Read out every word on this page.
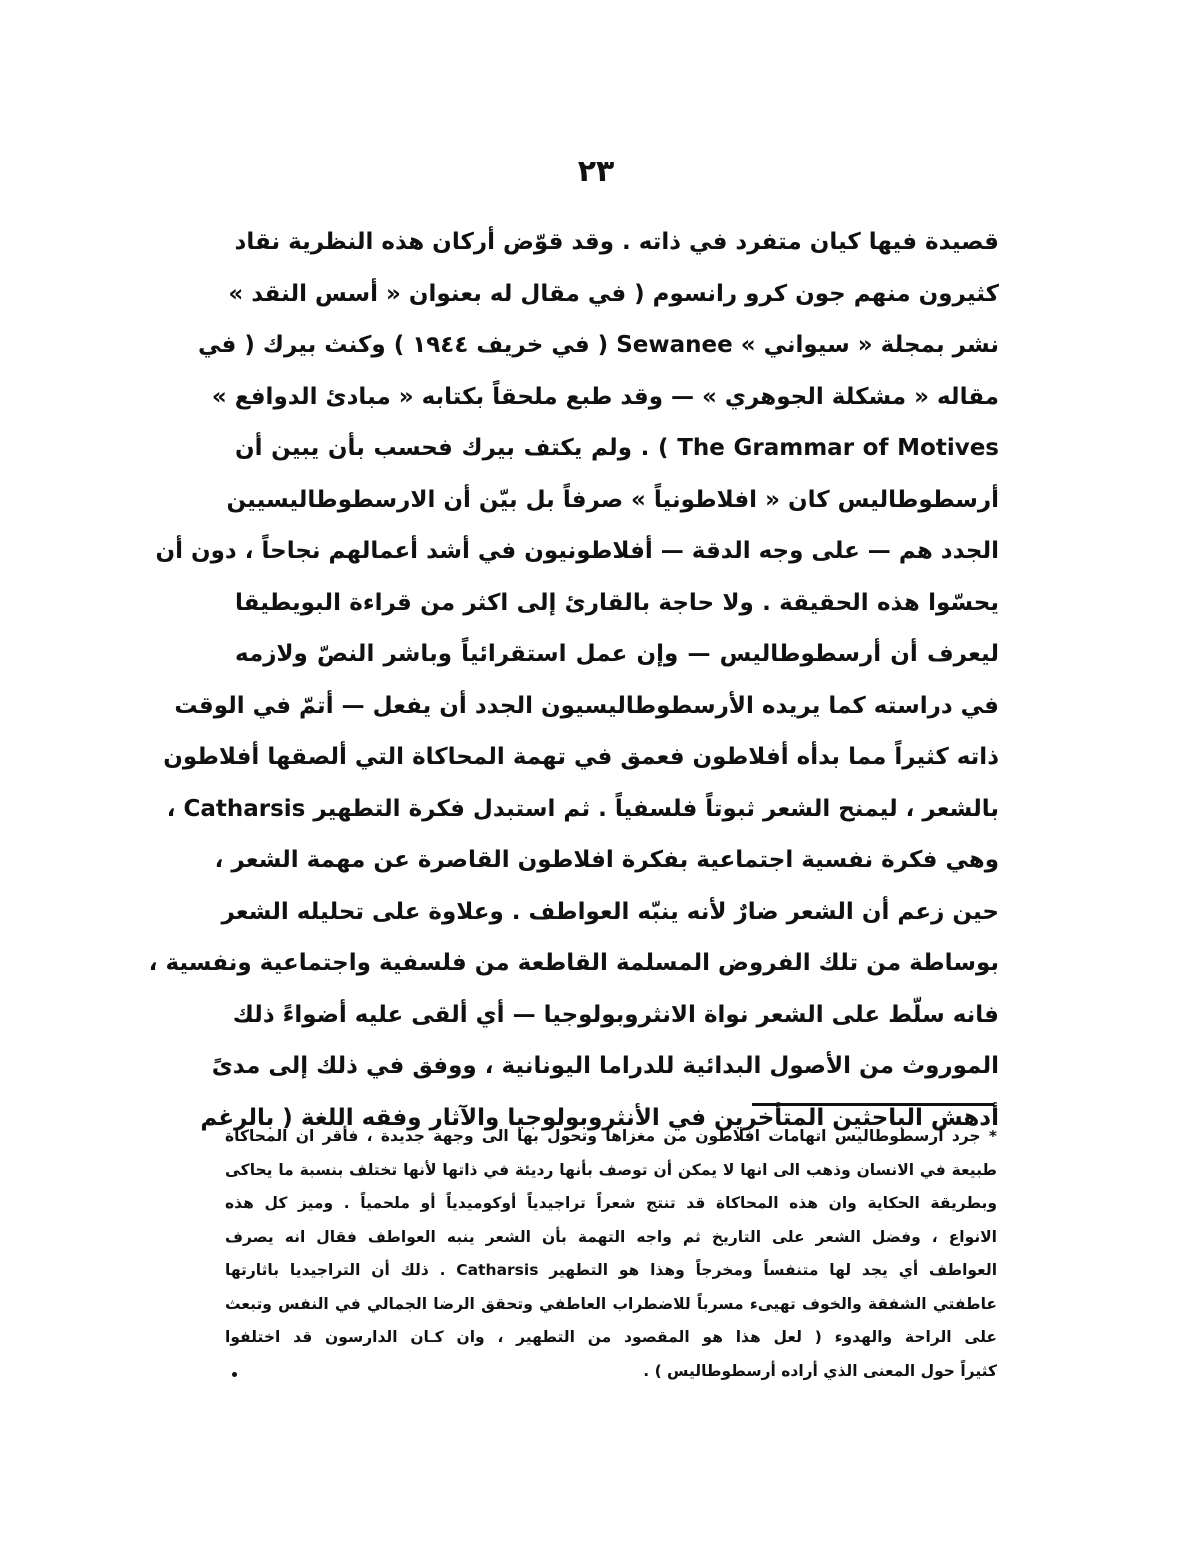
٢٣
قصيدة فيها كيان متفرد في ذاته . وقد قوّض أركان هذه النظرية نقاد
كثيرون منهم جون كرو رانسوم ( في مقال له بعنوان « أسس النقد »
نشر بمجلة « سيواني » Sewanee ( في خريف ١٩٤٤ ) وكنث بيرك ( في
مقاله « مشكلة الجوهري » — وقد طبع ملحقاً بكتابه « مبادئ الدوافع »
The Grammar of Motives ) . ولم يكتف بيرك فحسب بأن يبين أن
أرسطوطاليس كان « افلاطونياً » صرفاً بل بيّن أن الارسطوطاليسيين
الجدد هم — على وجه الدقة — أفلاطونيون في أشد أعمالهم نجاحاً ، دون أن
يحسّوا هذه الحقيقة . ولا حاجة بالقارئ إلى اكثر من قراءة البويطيقا
ليعرف أن أرسطوطاليس — وإن عمل استقرائياً وباشر النصّ ولازمه
في دراسته كما يريده الأرسطوطاليسيون الجدد أن يفعل — أتمّ في الوقت
ذاته كثيراً مما بدأه أفلاطون فعمق في تهمة المحاكاة التي ألصقها أفلاطون
بالشعر ، ليمنح الشعر ثبوتاً فلسفياً . ثم استبدل فكرة التطهير Catharsis ،
وهي فكرة نفسية اجتماعية بفكرة افلاطون القاصرة عن مهمة الشعر ،
حين زعم أن الشعر ضارٌ لأنه ينبّه العواطف . وعلاوة على تحليله الشعر
بوساطة من تلك الفروض المسلمة القاطعة من فلسفية واجتماعية ونفسية ،
فانه سلّط على الشعر نواة الانثروبولوجيا — أي ألقى عليه أضواءً ذلك
الموروث من الأصول البدائية للدراما اليونانية ، ووفق في ذلك إلى مدىً
أدهش الباحثين المتأخرين في الأنثروبولوجيا والآثار وفقه اللغة ( بالرغم
* جرد أرسطوطاليس اتهامات افلاطون من مغزاها وتحول بها الى وجهة جديدة ، فأقر ان المحاكاة
طبيعة في الانسان وذهب الى انها لا يمكن أن توصف بأنها رديئة في ذاتها لأنها تختلف بنسبة ما يحاكى
وبطريقة الحكاية وان هذه المحاكاة قد تنتج شعراً تراجيدياً أوكوميدياً أو ملحمياً . وميز كل هذه
الانواع ، وفضل الشعر على التاريخ ثم واجه التهمة بأن الشعر ينبه العواطف فقال انه يصرف
العواطف أي يجد لها متنفساً ومخرجاً وهذا هو التطهير Catharsis . ذلك أن التراجيديا باثارتها
عاطفتي الشفقة والخوف تهيىء مسرباً للاضطراب العاطفي وتحقق الرضا الجمالي في النفس وتبعث
على الراحة والهدوء ( لعل هذا هو المقصود من التطهير ، وان كـان الدارسون قد اختلفوا
كثيراً حول المعنى الذي أراده أرسطوطاليس ) .
